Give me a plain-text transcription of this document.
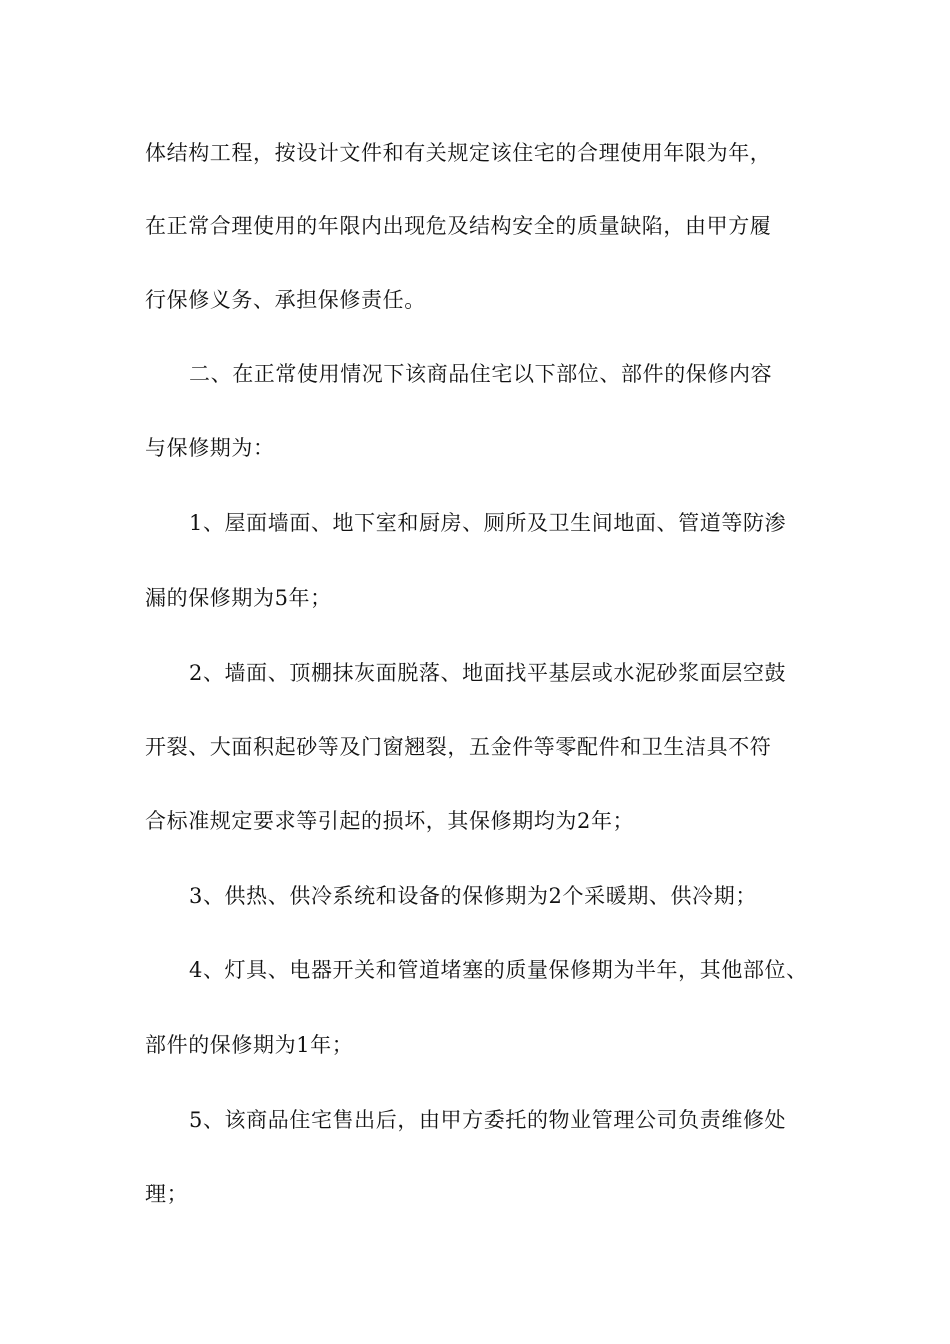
体结构工程，按设计文件和有关规定该住宅的合理使用年限为年，
在正常合理使用的年限内出现危及结构安全的质量缺陷，由甲方履
行保修义务、承担保修责任。
二、在正常使用情况下该商品住宅以下部位、部件的保修内容
与保修期为：
1、屋面墙面、地下室和厨房、厕所及卫生间地面、管道等防渗
漏的保修期为5年；
2、墙面、顶棚抹灰面脱落、地面找平基层或水泥砂浆面层空鼓
开裂、大面积起砂等及门窗翘裂，五金件等零配件和卫生洁具不符
合标准规定要求等引起的损坏，其保修期均为2年；
3、供热、供冷系统和设备的保修期为2个采暖期、供冷期；
4、灯具、电器开关和管道堵塞的质量保修期为半年，其他部位、
部件的保修期为1年；
5、该商品住宅售出后，由甲方委托的物业管理公司负责维修处
理；
